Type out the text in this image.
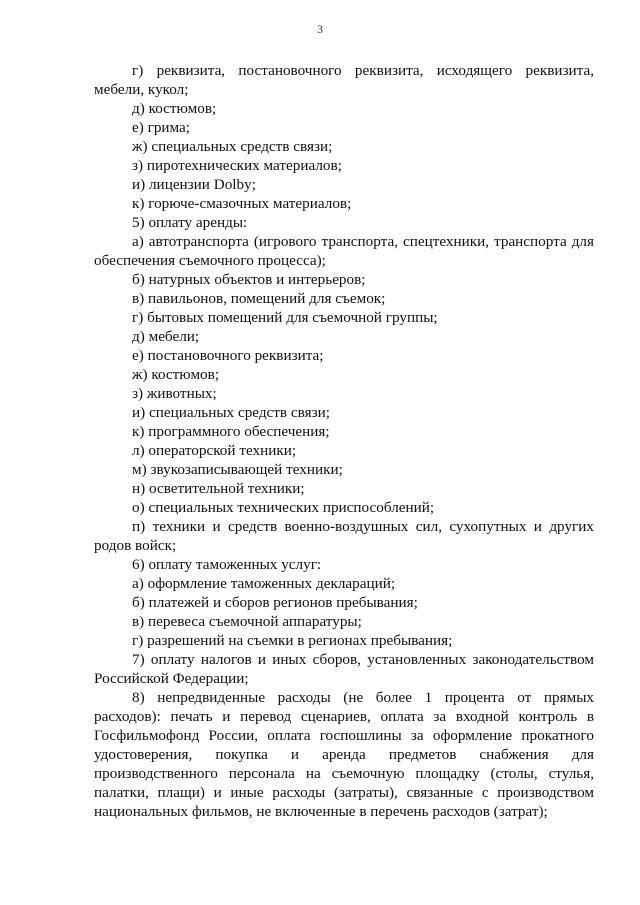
3

г) реквизита, постановочного реквизита, исходящего реквизита, мебели, кукол;

д) костюмов;

е) грима;

ж) специальных средств связи;

з) пиротехнических материалов;

и) лицензии Dolby;

к) горюче-смазочных материалов;

5) оплату аренды:

а) автотранспорта (игрового транспорта, спецтехники, транспорта для обеспечения съемочного процесса);

б) натурных объектов и интерьеров;

в) павильонов, помещений для съемок;

г) бытовых помещений для съемочной группы;

д) мебели;

е) постановочного реквизита;

ж) костюмов;

з) животных;

и) специальных средств связи;

к) программного обеспечения;

л) операторской техники;

м) звукозаписывающей техники;

н) осветительной техники;

о) специальных технических приспособлений;

п) техники и средств военно-воздушных сил, сухопутных и других родов войск;

6) оплату таможенных услуг:

а) оформление таможенных деклараций;

б) платежей и сборов регионов пребывания;

в) перевеса съемочной аппаратуры;

г) разрешений на съемки в регионах пребывания;

7) оплату налогов и иных сборов, установленных законодательством Российской Федерации;

8) непредвиденные расходы (не более 1 процента от прямых расходов): печать и перевод сценариев, оплата за входной контроль в Госфильмофонд России, оплата госпошлины за оформление прокатного удостоверения, покупка и аренда предметов снабжения для производственного персонала на съемочную площадку (столы, стулья, палатки, плащи) и иные расходы (затраты), связанные с производством национальных фильмов, не включенные в перечень расходов (затрат);
